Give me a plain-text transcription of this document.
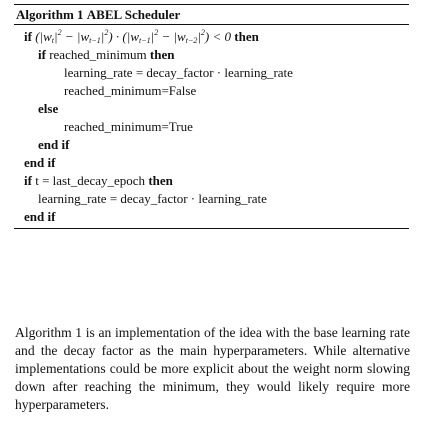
Algorithm 1 ABEL Scheduler
if $(|w_t|^2 - |w_{t-1}|^2) \cdot (|w_{t-1}|^2 - |w_{t-2}|^2) < 0$ then
if reached_minimum then
learning_rate = decay_factor · learning_rate
reached_minimum=False
else
reached_minimum=True
end if
end if
if t = last_decay_epoch then
learning_rate = decay_factor · learning_rate
end if

Algorithm 1 is an implementation of the idea with the base learning rate and the decay factor as the main hyperparameters. While alternative implementations could be more explicit about the weight norm slowing down after reaching the minimum, they would likely require more hyperparameters.
